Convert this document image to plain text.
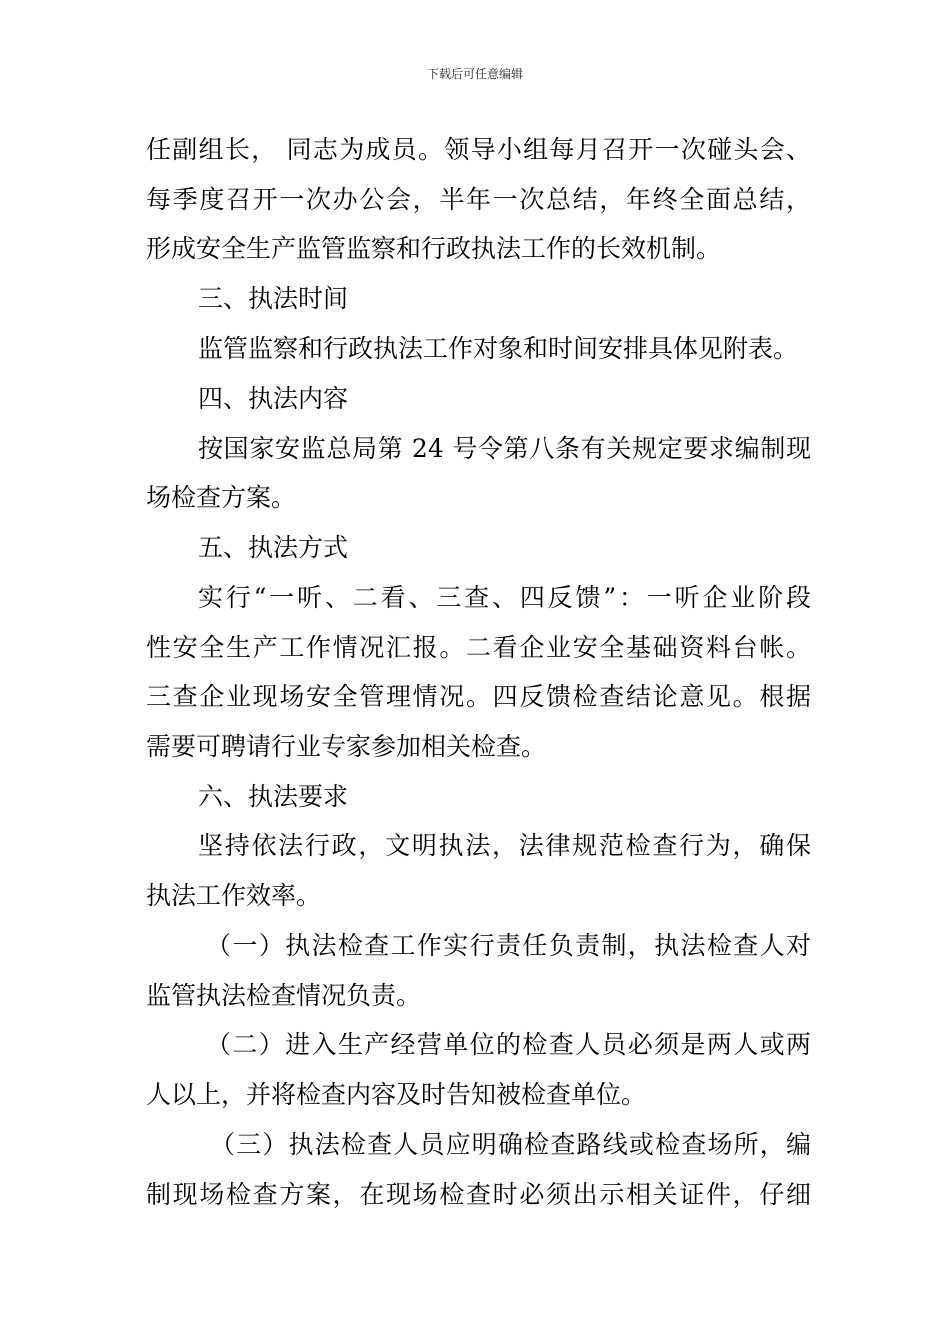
下载后可任意编辑
任副组长， 同志为成员。领导小组每月召开一次碰头会、
每季度召开一次办公会，半年一次总结，年终全面总结，
形成安全生产监管监察和行政执法工作的长效机制。
三、执法时间
监管监察和行政执法工作对象和时间安排具体见附表。
四、执法内容
按国家安监总局第 24 号令第八条有关规定要求编制现
场检查方案。
五、执法方式
实行“一听、二看、三查、四反馈”：一听企业阶段
性安全生产工作情况汇报。二看企业安全基础资料台帐。
三查企业现场安全管理情况。四反馈检查结论意见。根据
需要可聘请行业专家参加相关检查。
六、执法要求
坚持依法行政，文明执法，法律规范检查行为，确保
执法工作效率。
（一）执法检查工作实行责任负责制，执法检查人对
监管执法检查情况负责。
（二）进入生产经营单位的检查人员必须是两人或两
人以上，并将检查内容及时告知被检查单位。
（三）执法检查人员应明确检查路线或检查场所，编
制现场检查方案，在现场检查时必须出示相关证件，仔细
